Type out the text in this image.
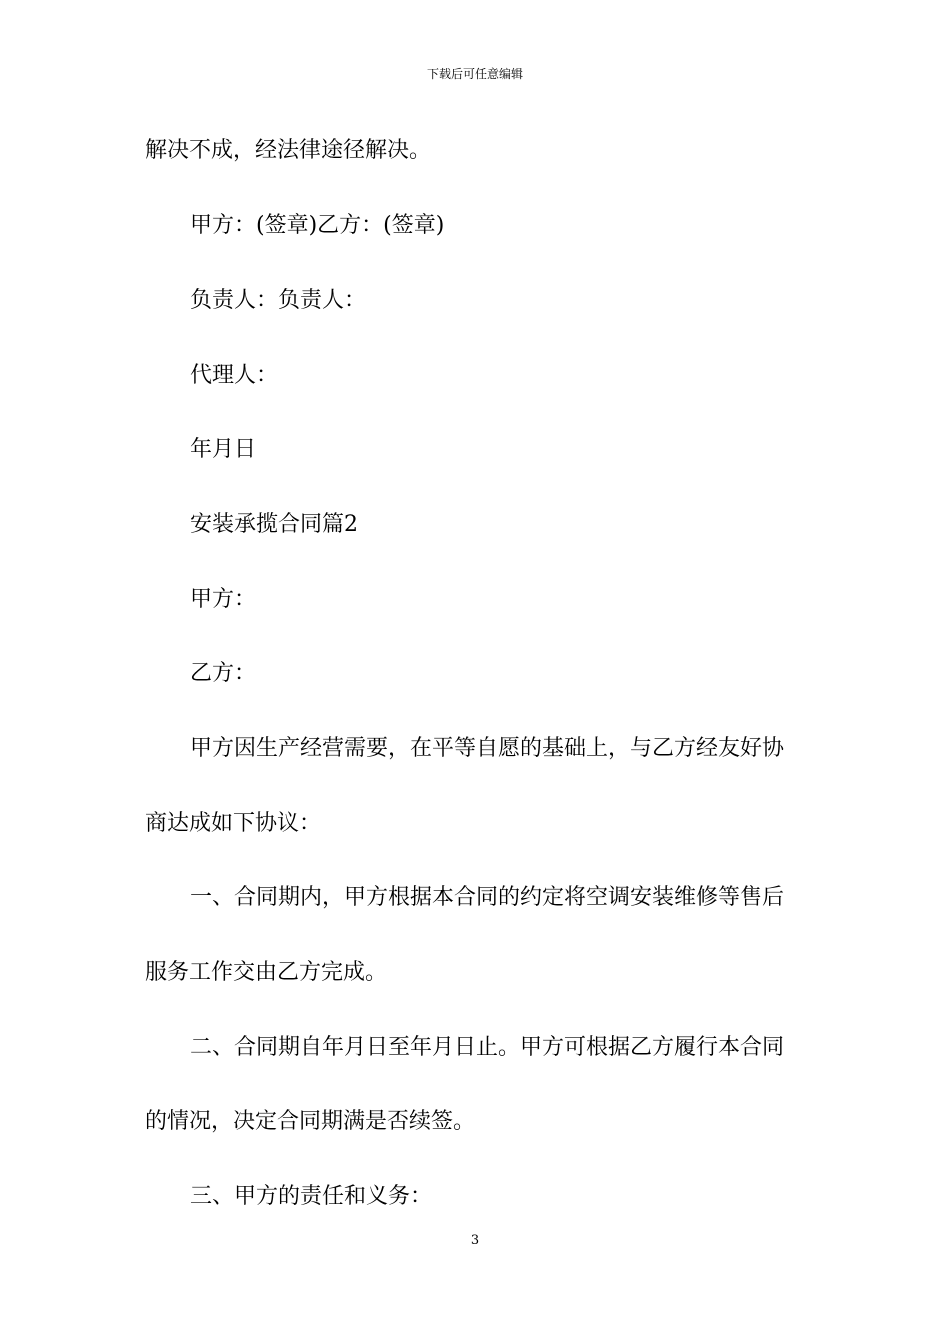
下载后可任意编辑
解决不成，经法律途径解决。
甲方：(签章)乙方：(签章)
负责人：负责人：
代理人：
年月日
安装承揽合同篇2
甲方：
乙方：
甲方因生产经营需要，在平等自愿的基础上，与乙方经友好协
商达成如下协议：
一、合同期内，甲方根据本合同的约定将空调安装维修等售后
服务工作交由乙方完成。
二、合同期自年月日至年月日止。甲方可根据乙方履行本合同
的情况，决定合同期满是否续签。
三、甲方的责任和义务：
3
